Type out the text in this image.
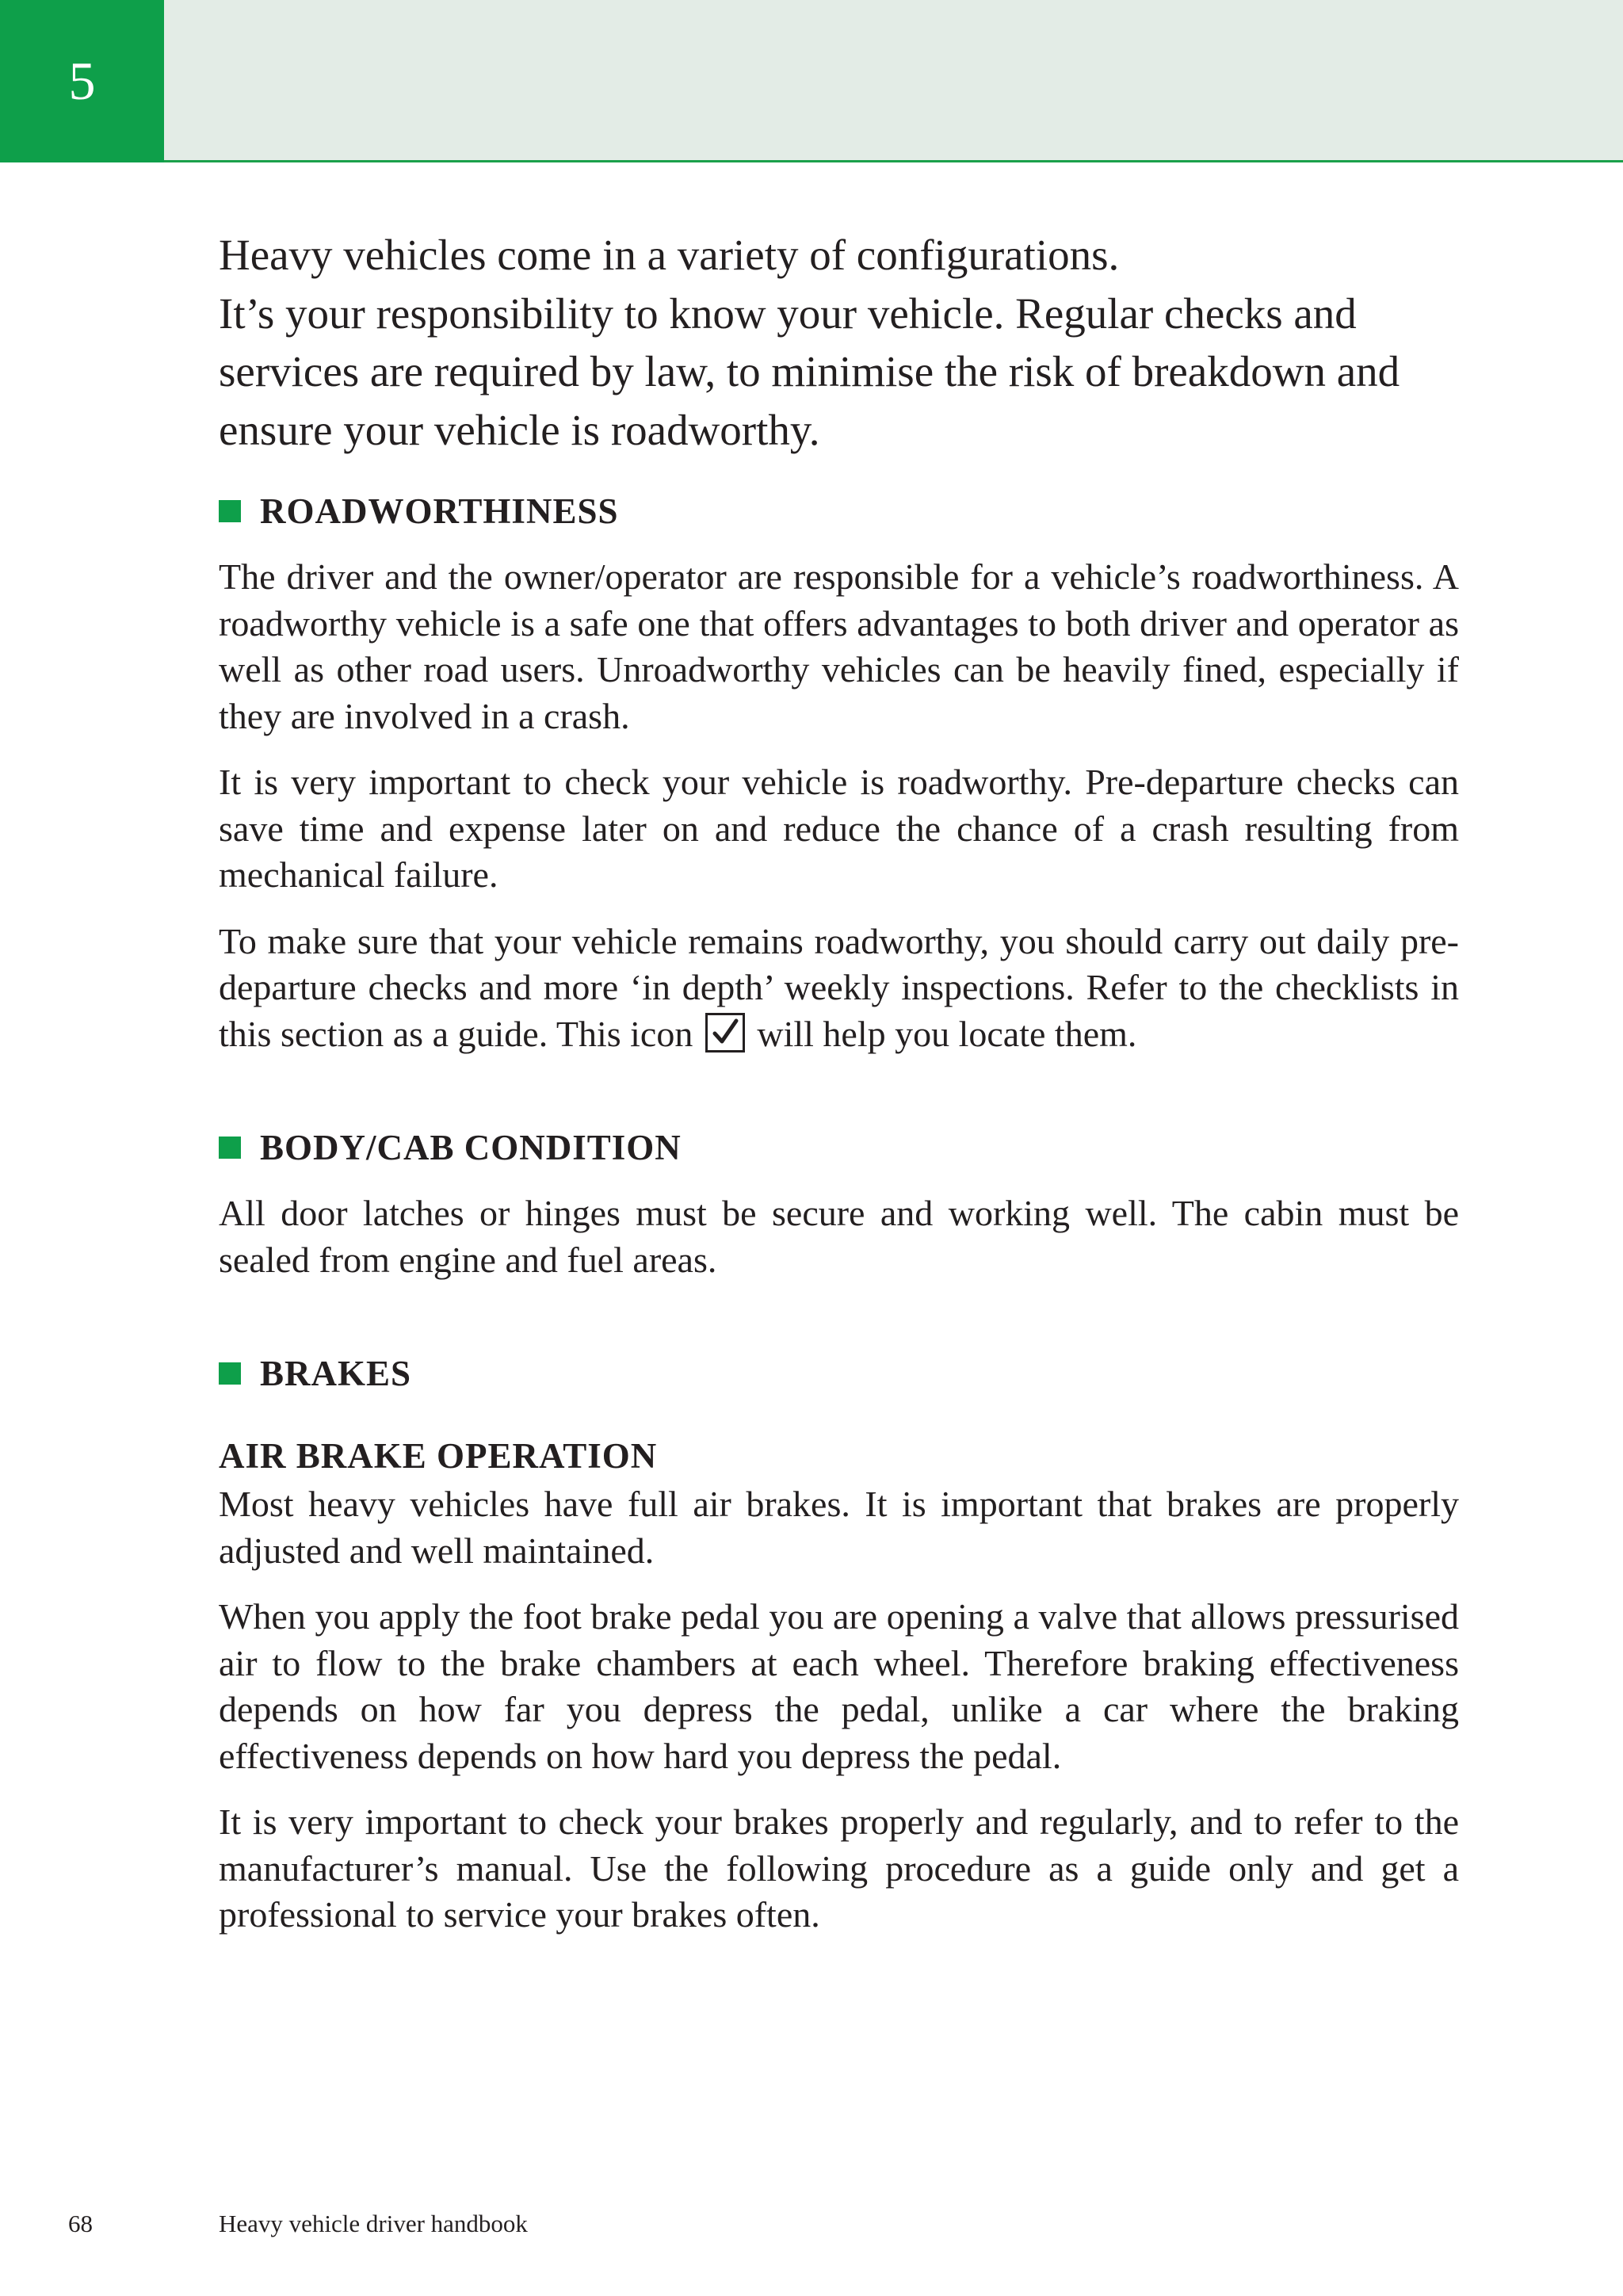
5

Heavy vehicles come in a variety of configurations.
It’s your responsibility to know your vehicle. Regular checks and services are required by law, to minimise the risk of breakdown and ensure your vehicle is roadworthy.

ROADWORTHINESS

The driver and the owner/operator are responsible for a vehicle’s roadworthiness. A roadworthy vehicle is a safe one that offers advantages to both driver and operator as well as other road users. Unroadworthy vehicles can be heavily fined, especially if they are involved in a crash.

It is very important to check your vehicle is roadworthy. Pre-departure checks can save time and expense later on and reduce the chance of a crash resulting from mechanical failure.

To make sure that your vehicle remains roadworthy, you should carry out daily pre-departure checks and more ‘in depth’ weekly inspections. Refer to the checklists in this section as a guide. This icon will help you locate them.

BODY/CAB CONDITION

All door latches or hinges must be secure and working well. The cabin must be sealed from engine and fuel areas.

BRAKES
AIR BRAKE OPERATION

Most heavy vehicles have full air brakes. It is important that brakes are properly adjusted and well maintained.

When you apply the foot brake pedal you are opening a valve that allows pressurised air to flow to the brake chambers at each wheel. Therefore braking effectiveness depends on how far you depress the pedal, unlike a car where the braking effectiveness depends on how hard you depress the pedal.

It is very important to check your brakes properly and regularly, and to refer to the manufacturer’s manual. Use the following procedure as a guide only and get a professional to service your brakes often.

68	Heavy vehicle driver handbook
